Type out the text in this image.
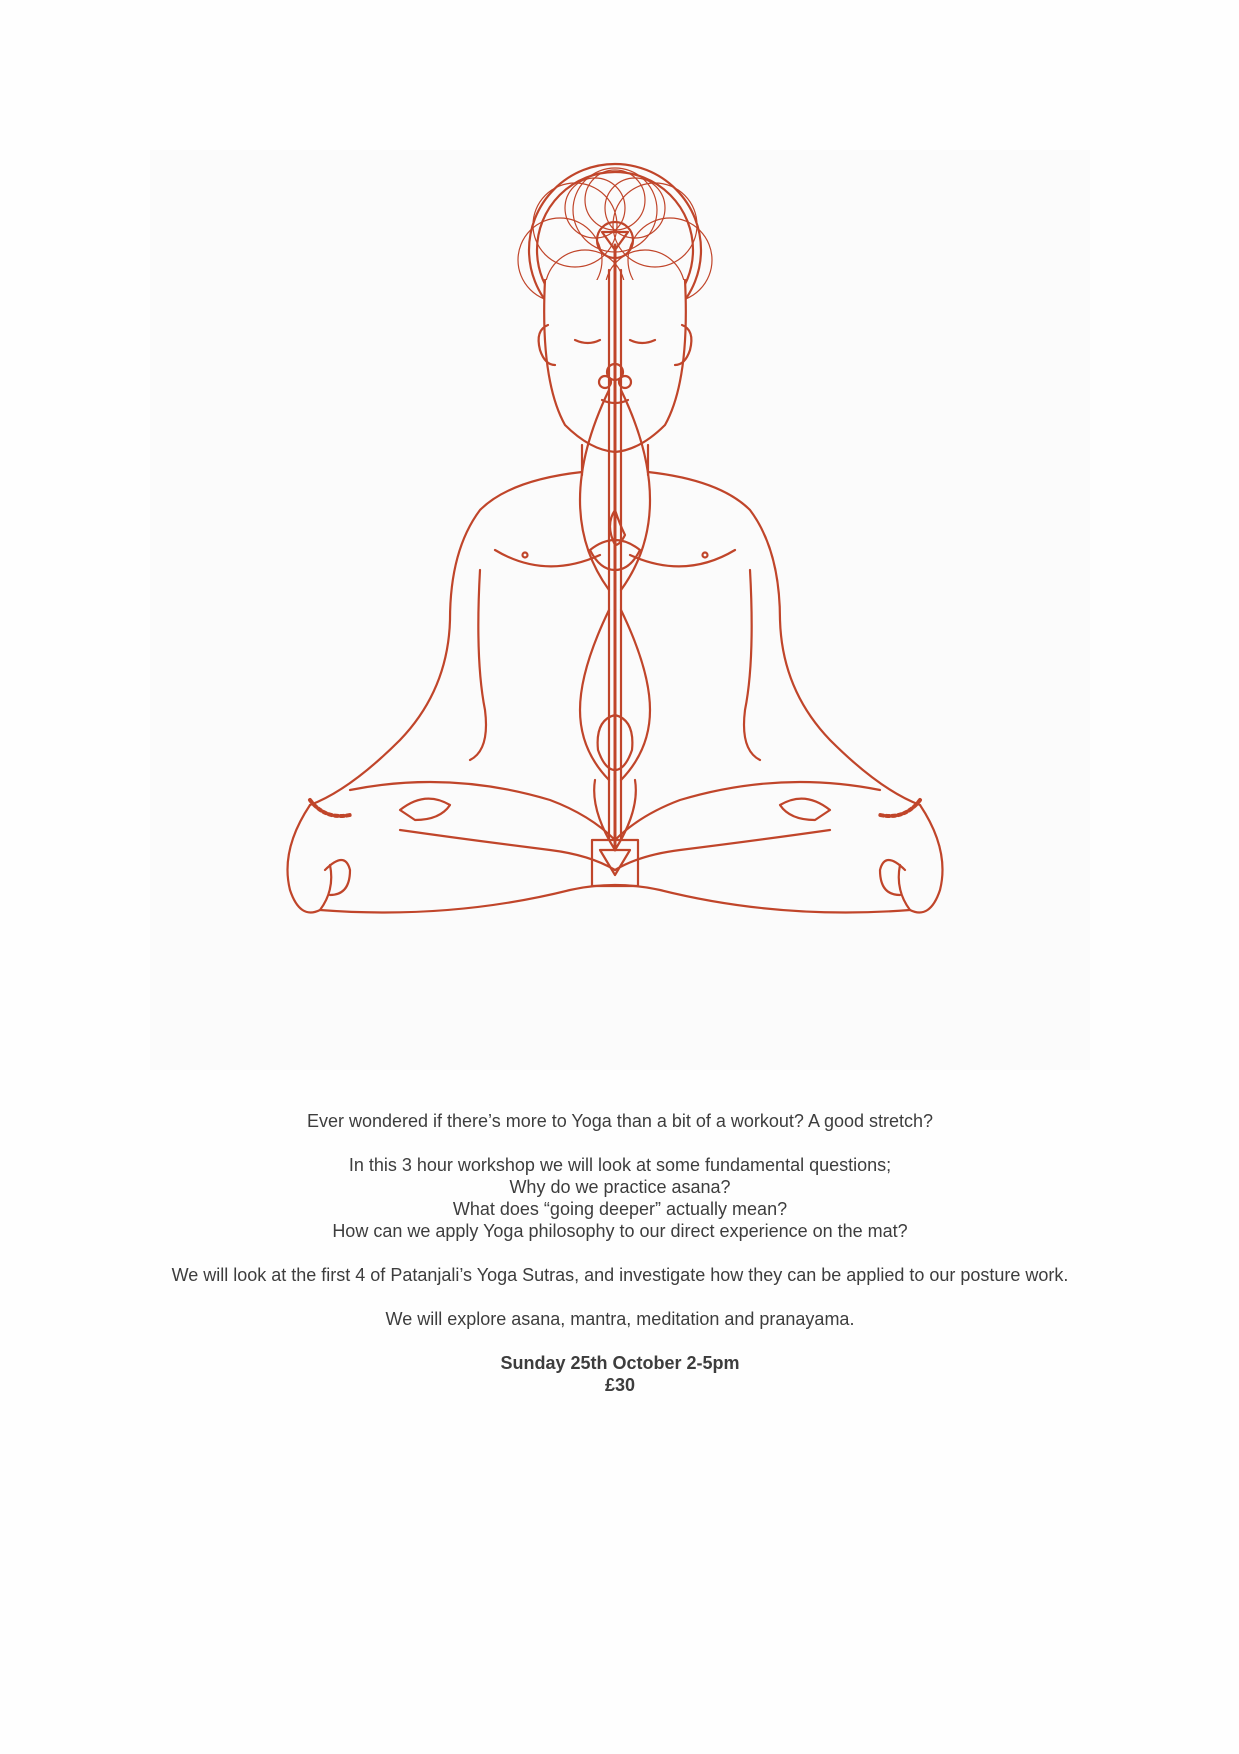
Ever wondered if there’s more to Yoga than a bit of a workout? A good stretch?

In this 3 hour workshop we will look at some fundamental questions;

Why do we practice asana?

What does “going deeper” actually mean?

How can we apply Yoga philosophy to our direct experience on the mat?

We will look at the first 4 of Patanjali’s Yoga Sutras, and investigate how they can be applied to our posture work.

We will explore asana, mantra, meditation and pranayama.

Sunday 25th October 2-5pm

£30
